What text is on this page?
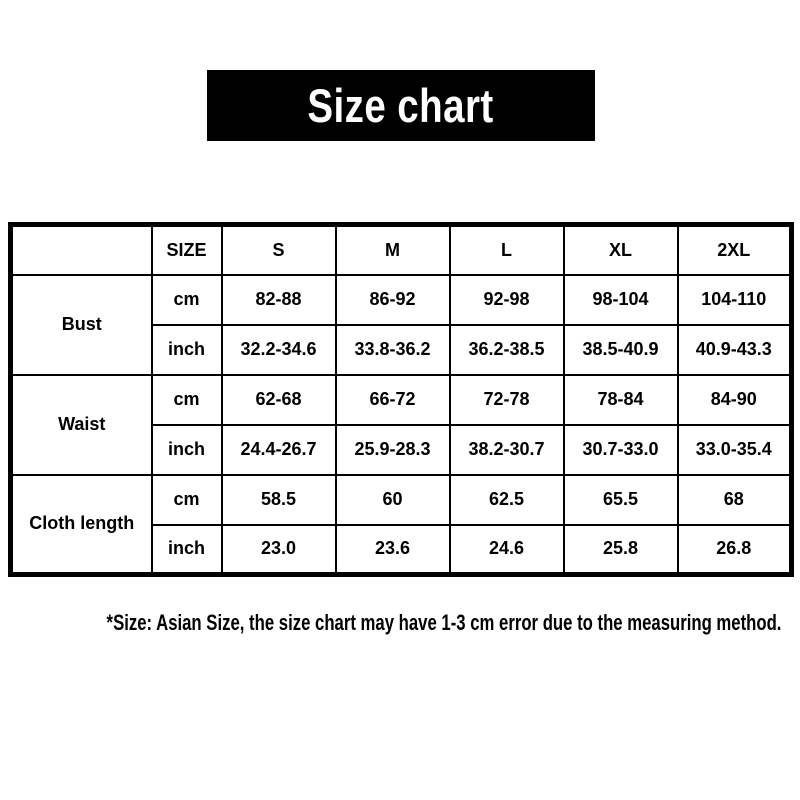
Size chart
	SIZE	S	M	L	XL	2XL
Bust	cm	82-88	86-92	92-98	98-104	104-110
	inch	32.2-34.6	33.8-36.2	36.2-38.5	38.5-40.9	40.9-43.3
Waist	cm	62-68	66-72	72-78	78-84	84-90
	inch	24.4-26.7	25.9-28.3	38.2-30.7	30.7-33.0	33.0-35.4
Cloth length	cm	58.5	60	62.5	65.5	68
	inch	23.0	23.6	24.6	25.8	26.8
*Size: Asian Size, the size chart may have 1-3 cm error due to the measuring method.
